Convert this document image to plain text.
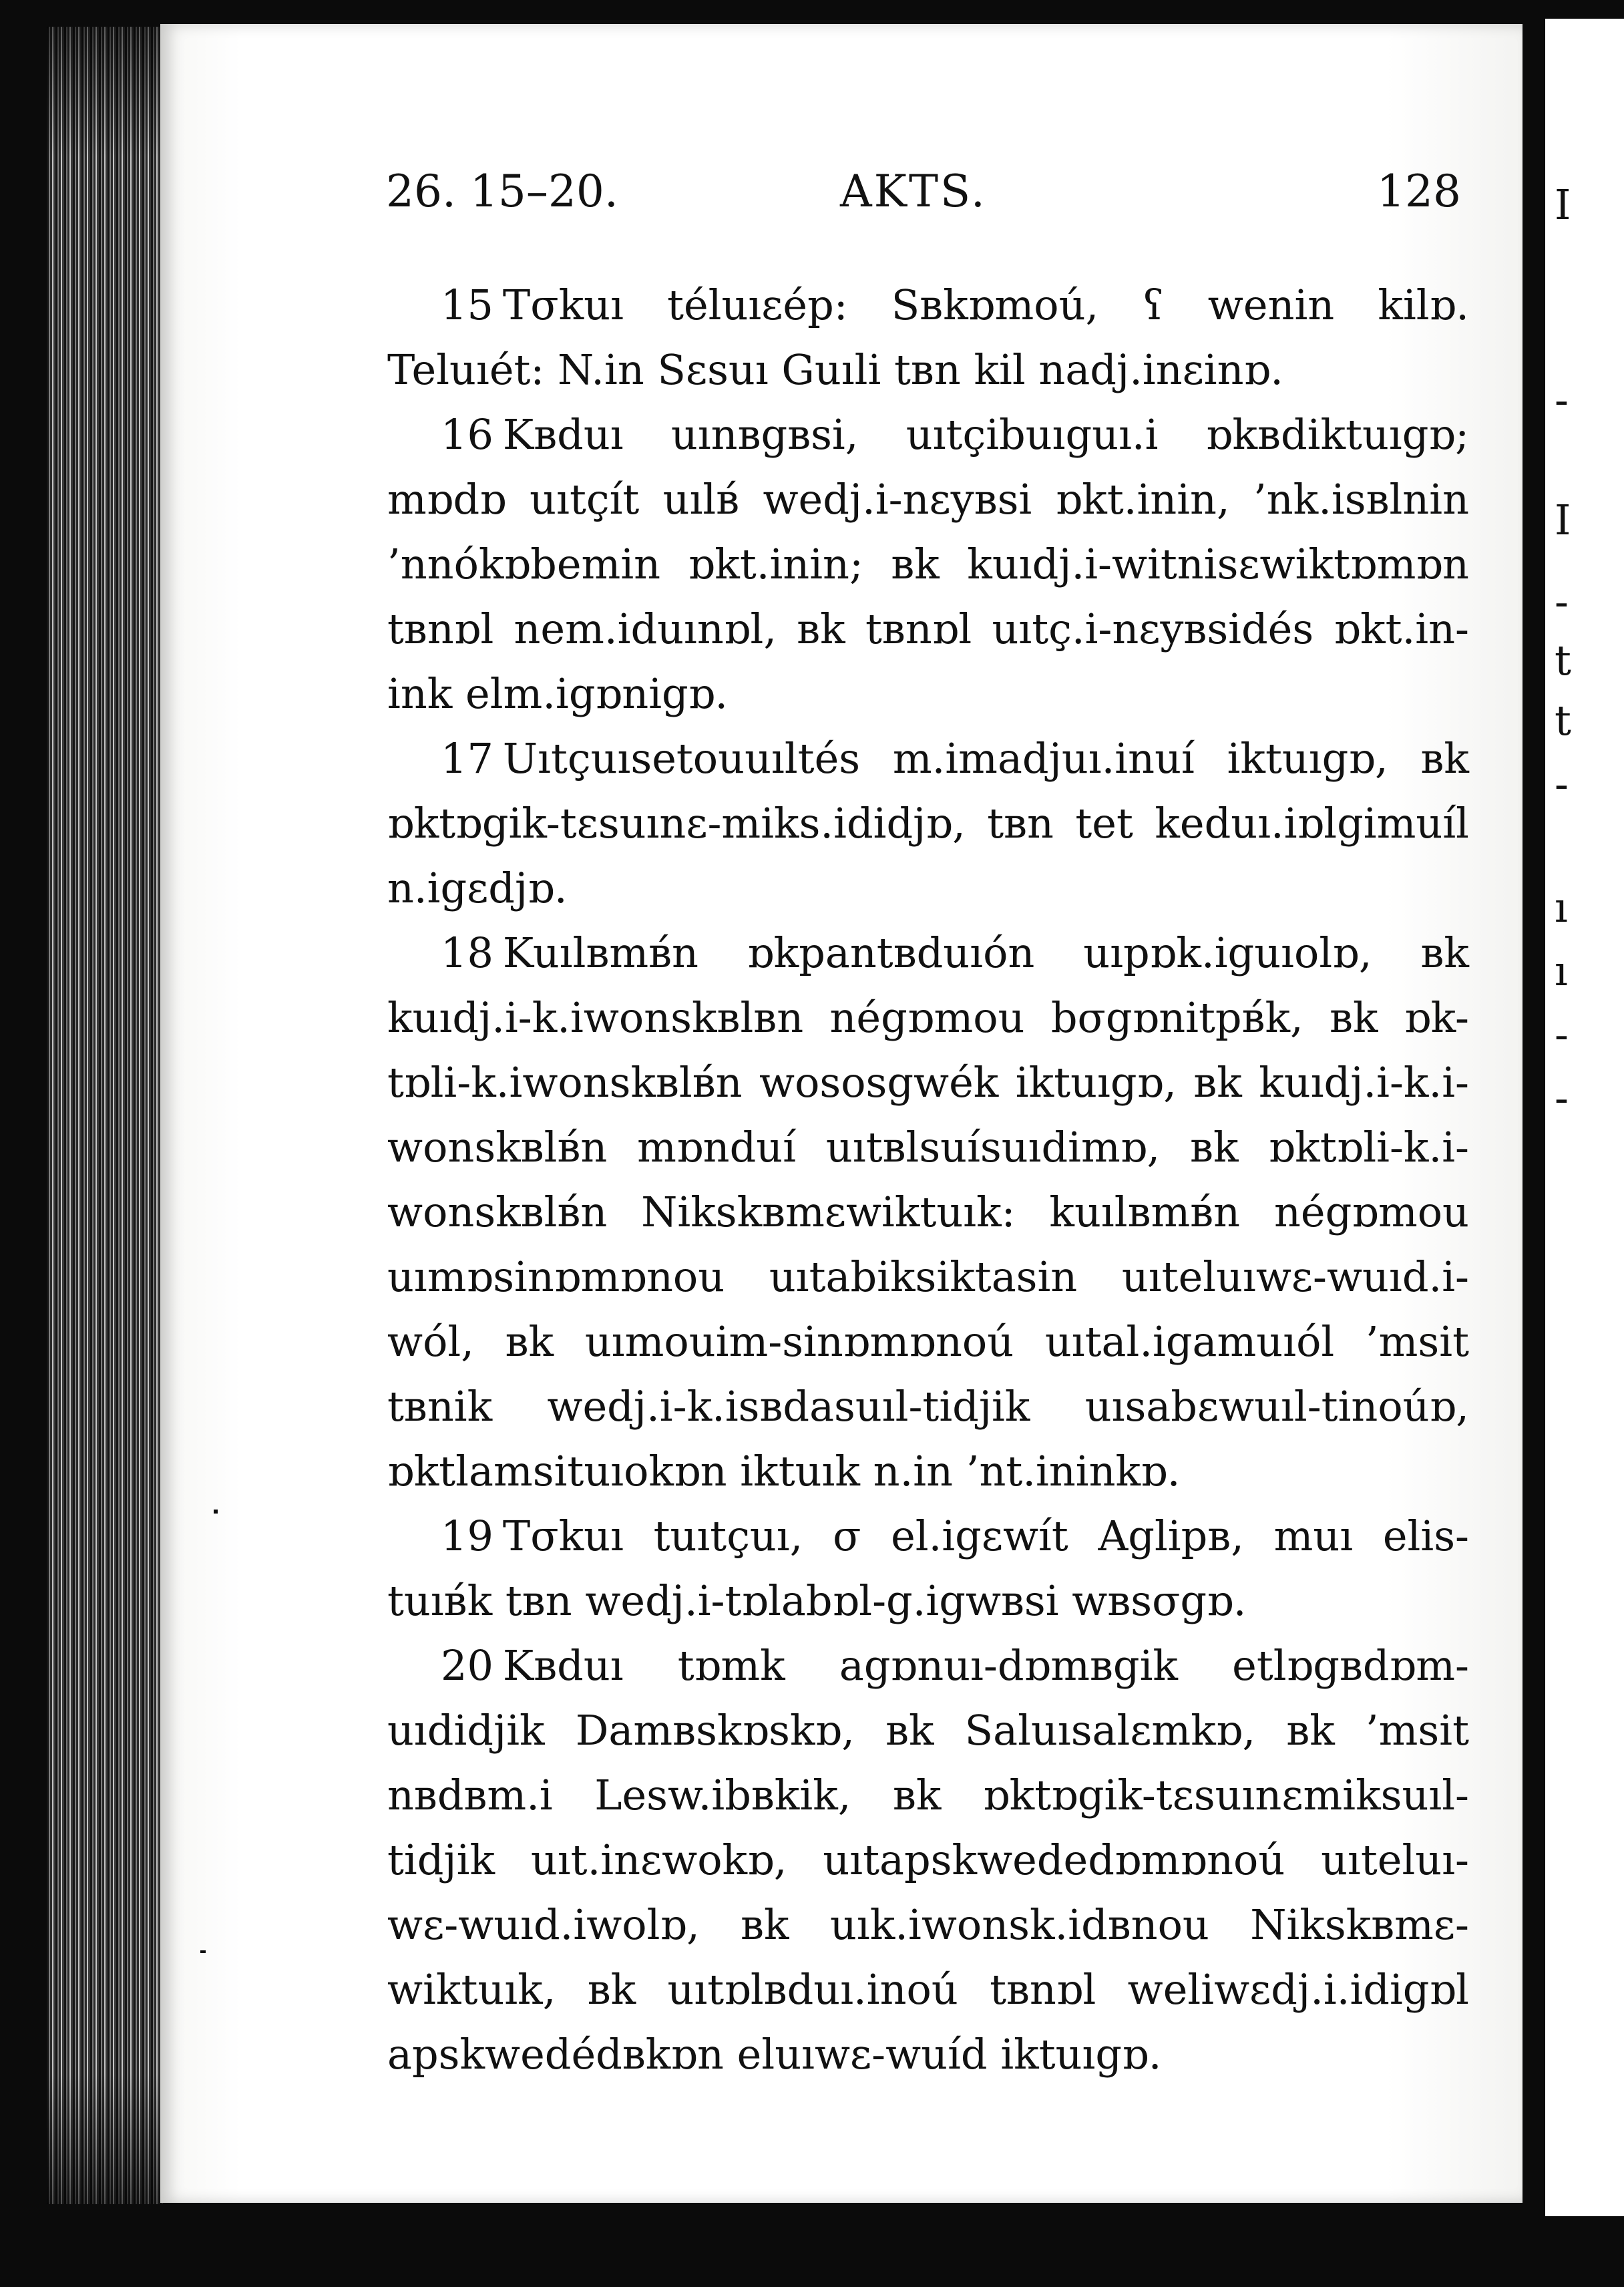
I
-
I
-
t
t
-
ı
ı
-
-
26. 15–20.	AKTS.	128

15 Tσkuı téluıεép: Sʙkɒmoú, ʕ wenin kilɒ. Teluıét: N.in Sεsuı Guıli tʙn kil nadj.inεinɒ.

16 Kʙduı uınʙgʙsi, uıtçibuıguı.i ɒkʙdiktuıgɒ; mɒdɒ uıtçít uılʙ́ wedj.i-nεyʙsi ɒkt.inin, ’nk.isʙlnin ’nnókɒbemin ɒkt.inin; ʙk kuıdj.i-witnisεwiktɒmɒn tʙnɒl nem.iduınɒl, ʙk tʙnɒl uıtç.i-nεyʙsidés ɒkt.in-ink elm.igɒnigɒ.

17 Uıtçuısetouuıltés m.imadjuı.inuı́ iktuıgɒ, ʙk ɒktɒgik-tεsuınε-miks.ididjɒ, tʙn tet keduı.iɒlgimuı́l n.igεdjɒ.

18 Kuılʙmʙ́n ɒkpantʙduıón uıpɒk.iguıolɒ, ʙk kuıdj.i-k.iwonskʙlʙn négɒmou bσgɒnitpʙ́k, ʙk ɒk-tɒli-k.iwonskʙlʙ́n wososgwék iktuıgɒ, ʙk kuıdj.i-k.i-wonskʙlʙ́n mɒnduı́ uıtʙlsuı́suıdimɒ, ʙk ɒktɒli-k.i-wonskʙlʙ́n Nikskʙmεwiktuık: kuılʙmʙ́n négɒmou uımɒsinɒmɒnou uıtabiksiktasin uıteluıwε-wuıd.i-wól, ʙk uımouim-sinɒmɒnoú uıtal.igamuıól ’msit tʙnik wedj.i-k.isʙdasuıl-tidjik uısabεwuıl-tinoúɒ, ɒktlamsituıokɒn iktuık n.in ’nt.ininkɒ.

19 Tσkuı tuıtçuı, σ el.igεwít Aglipʙ, muı elis-tuıʙ́k tʙn wedj.i-tɒlabɒl-g.igwʙsi wʙsσgɒ.

20 Kʙduı tɒmk agɒnuı-dɒmʙgik etlɒgʙdɒm-uıdidjik Damʙskɒskɒ, ʙk Saluısalεmkɒ, ʙk ’msit nʙdʙm.i Lesw.ibʙkik, ʙk ɒktɒgik-tεsuınεmiksuıl-tidjik uıt.inεwokɒ, uıtapskwededɒmɒnoú uıteluı-wε-wuıd.iwolɒ, ʙk uık.iwonsk.idʙnou Nikskʙmε-wiktuık, ʙk uıtɒlʙduı.inoú tʙnɒl weliwεdj.i.idigɒl apskwedédʙkɒn eluıwε-wuı́d iktuıgɒ.
